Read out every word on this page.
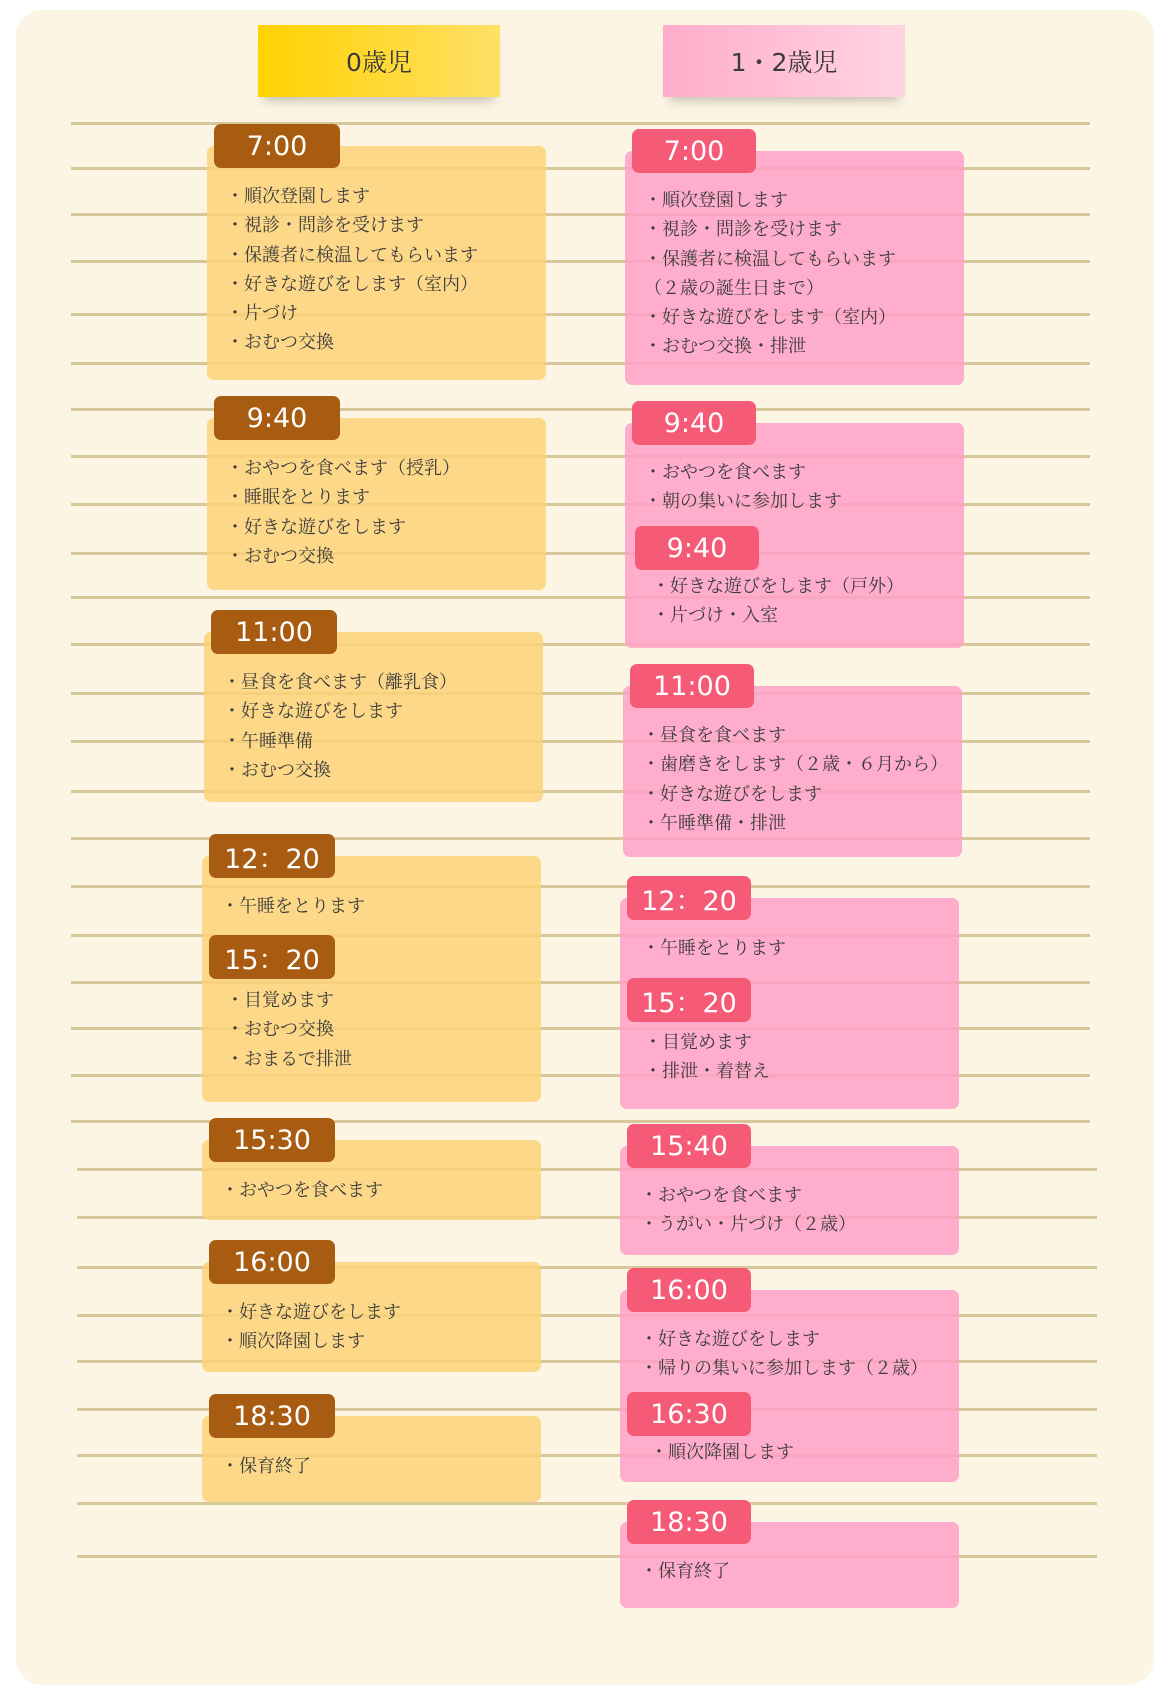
0歳児	1・2歳児
7:00
・順次登園します
・視診・問診を受けます
・保護者に検温してもらいます
・好きな遊びをします（室内）
・片づけ
・おむつ交換
9:40
・おやつを食べます（授乳）
・睡眠をとります
・好きな遊びをします
・おむつ交換
11:00
・昼食を食べます（離乳食）
・好きな遊びをします
・午睡準備
・おむつ交換
12：20
・午睡をとります
15：20
・目覚めます
・おむつ交換
・おまるで排泄
15:30
・おやつを食べます
16:00
・好きな遊びをします
・順次降園します
18:30
・保育終了
7:00
・順次登園します
・視診・問診を受けます
・保護者に検温してもらいます
（２歳の誕生日まで）
・好きな遊びをします（室内）
・おむつ交換・排泄
9:40
・おやつを食べます
・朝の集いに参加します
9:40
・好きな遊びをします（戸外）
・片づけ・入室
11:00
・昼食を食べます
・歯磨きをします（２歳・６月から）
・好きな遊びをします
・午睡準備・排泄
12：20
・午睡をとります
15：20
・目覚めます
・排泄・着替え
15:40
・おやつを食べます
・うがい・片づけ（２歳）
16:00
・好きな遊びをします
・帰りの集いに参加します（２歳）
16:30
・順次降園します
18:30
・保育終了
